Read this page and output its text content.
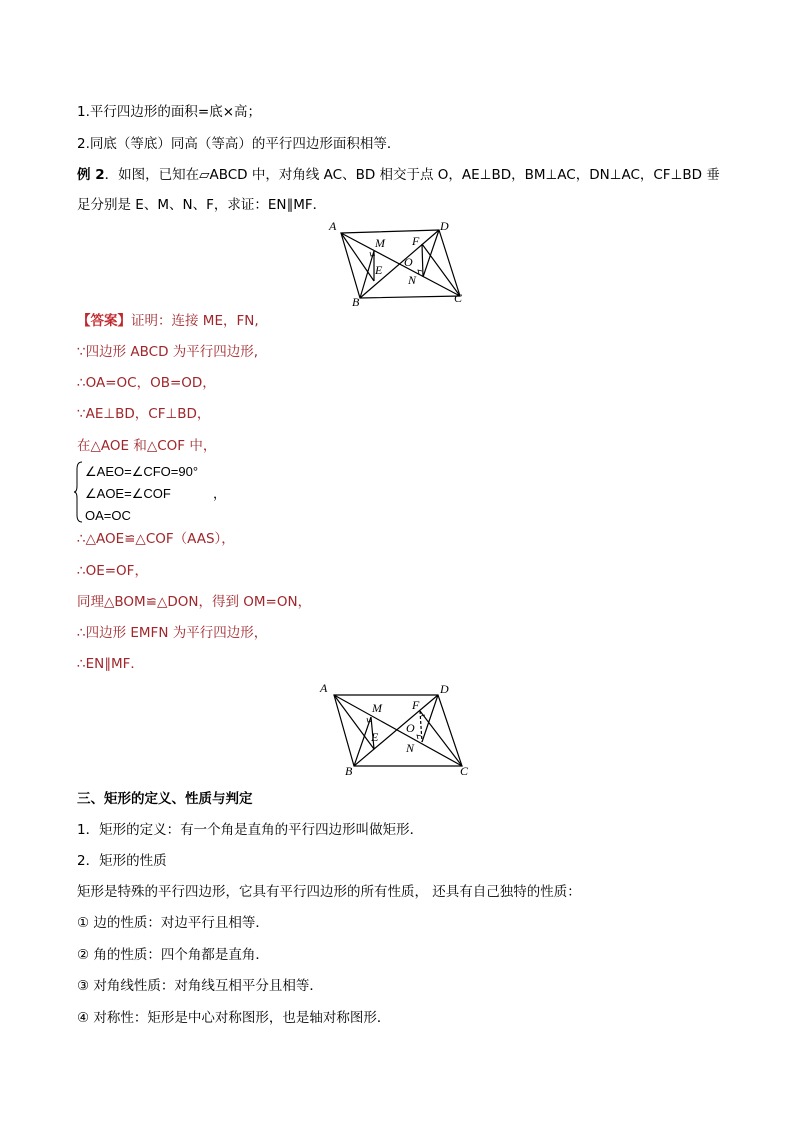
1.平行四边形的面积=底×高；
2.同底（等底）同高（等高）的平行四边形面积相等．
例 2．如图，已知在▱ABCD 中，对角线 AC、BD 相交于点 O，AE⊥BD，BM⊥AC，DN⊥AC，CF⊥BD 垂
足分别是 E、M、N、F，求证：EN∥MF．
A	D
M F
O
E
N
B	C
【答案】证明：连接 ME，FN,
∵四边形 ABCD 为平行四边形,
∴OA=OC，OB=OD，
∵AE⊥BD，CF⊥BD，
在△AOE 和△COF 中，
∠AEO=∠CFO=90°
∠AOE=∠COF
OA=OC
，
∴△AOE≌△COF（AAS），
∴OE=OF，
同理△BOM≌△DON，得到 OM=ON，
∴四边形 EMFN 为平行四边形，
∴EN∥MF．
A	D
M	F
O
E
N
B	C
三、矩形的定义、性质与判定
1．矩形的定义：有一个角是直角的平行四边形叫做矩形．
2．矩形的性质
矩形是特殊的平行四边形，它具有平行四边形的所有性质， 还具有自己独特的性质：
① 边的性质：对边平行且相等．
② 角的性质：四个角都是直角．
③ 对角线性质：对角线互相平分且相等．
④ 对称性：矩形是中心对称图形，也是轴对称图形．
